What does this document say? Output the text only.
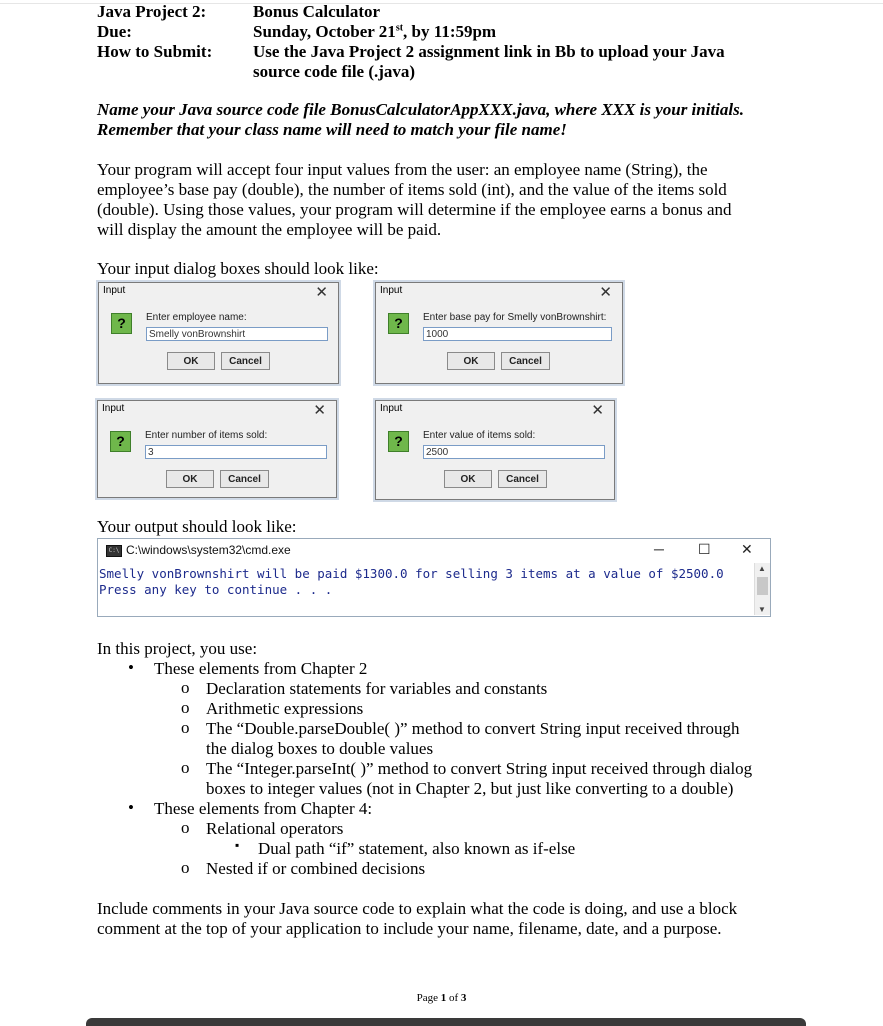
Java Project 2:	Bonus Calculator
Due:	Sunday, October 21st, by 11:59pm
How to Submit: Use the Java Project 2 assignment link in Bb to upload your Java
source code file (.java)
Name your Java source code file BonusCalculatorAppXXX.java, where XXX is your initials.
Remember that your class name will need to match your file name!
Your program will accept four input values from the user: an employee name (String), the
employee’s base pay (double), the number of items sold (int), and the value of the items sold
(double). Using those values, your program will determine if the employee earns a bonus and
will display the amount the employee will be paid.
Your input dialog boxes should look like:
Input	✕
?	Enter employee name:
Smelly vonBrownshirt
OK	Cancel
Input	✕
?	Enter base pay for Smelly vonBrownshirt:
1000
OK	Cancel
Input	✕
?	Enter number of items sold:
3
OK	Cancel
Input	✕
?	Enter value of items sold:
2500
OK	Cancel
Your output should look like:
C:\ C:\windows\system32\cmd.exe	─ ☐ ✕
Smelly vonBrownshirt will be paid $1300.0 for selling 3 items at a value of $2500.0
Press any key to continue . . .
▲
▼
In this project, you use:
• These elements from Chapter 2
o Declaration statements for variables and constants
o Arithmetic expressions
o The “Double.parseDouble( )” method to convert String input received through
the dialog boxes to double values
o The “Integer.parseInt( )” method to convert String input received through dialog
boxes to integer values (not in Chapter 2, but just like converting to a double)
• These elements from Chapter 4:
o Relational operators
▪ Dual path “if” statement, also known as if-else
o Nested if or combined decisions
Include comments in your Java source code to explain what the code is doing, and use a block
comment at the top of your application to include your name, filename, date, and a purpose.
Page 1 of 3
